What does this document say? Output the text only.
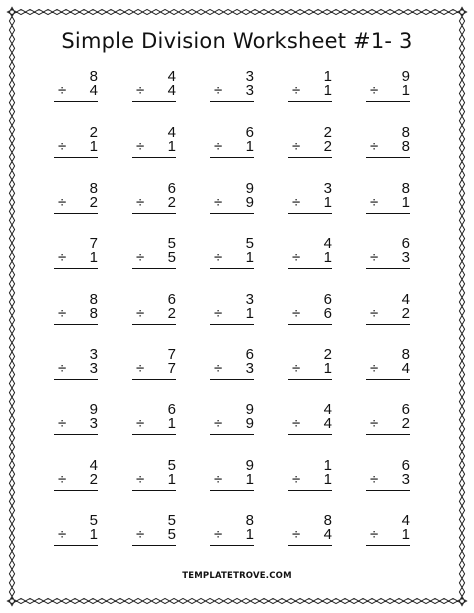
Simple Division Worksheet #1- 3
8
÷ 4
4
÷ 4
3
÷ 3
1
÷ 1
9
÷ 1
2
÷ 1
4
÷ 1
6
÷ 1
2
÷ 2
8
÷ 8
8
÷ 2
6
÷ 2
9
÷ 9
3
÷ 1
8
÷ 1
7
÷ 1
5
÷ 5
5
÷ 1
4
÷ 1
6
÷ 3
8
÷ 8
6
÷ 2
3
÷ 1
6
÷ 6
4
÷ 2
3
÷ 3
7
÷ 7
6
÷ 3
2
÷ 1
8
÷ 4
9
÷ 3
6
÷ 1
9
÷ 9
4
÷ 4
6
÷ 2
4
÷ 2
5
÷ 1
9
÷ 1
1
÷ 1
6
÷ 3
5
÷ 1
5
÷ 5
8
÷ 1
8
÷ 4
4
÷ 1
TEMPLATETROVE.COM
